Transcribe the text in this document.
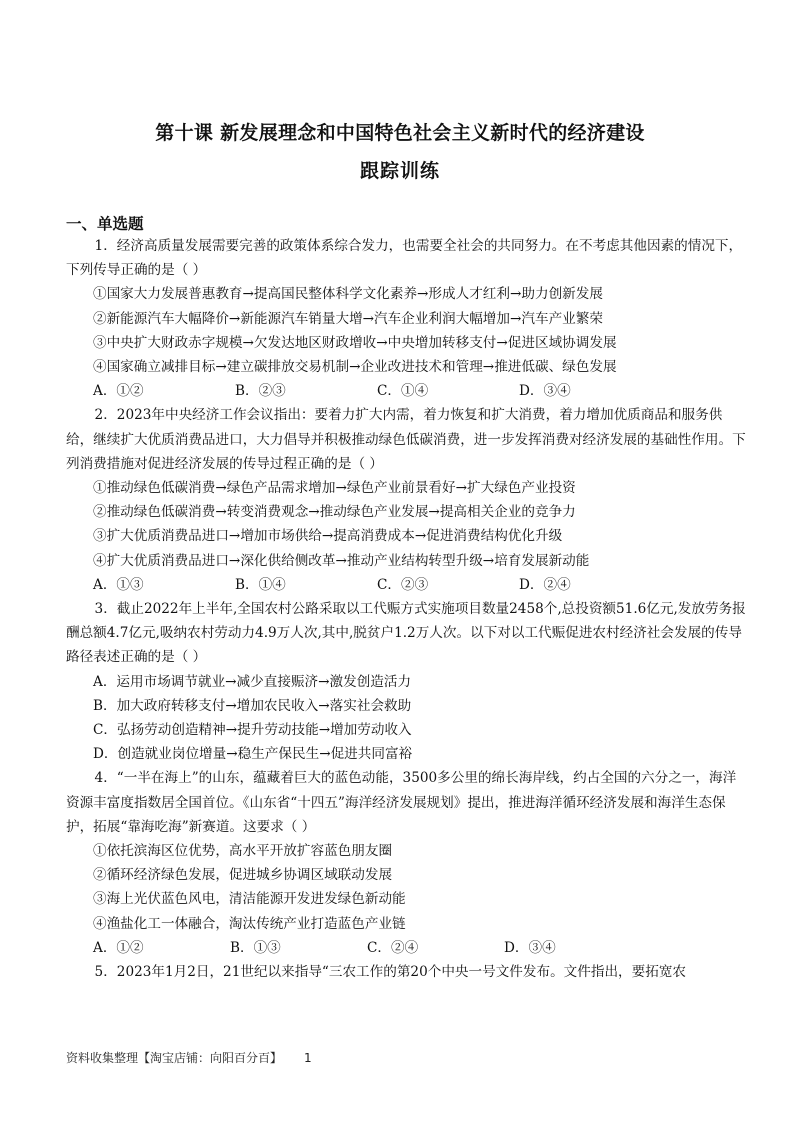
第十课 新发展理念和中国特色社会主义新时代的经济建设
跟踪训练
一、单选题

1．经济高质量发展需要完善的政策体系综合发力，也需要全社会的共同努力。在不考虑其他因素的情况下，下列传导正确的是（ ）

①国家大力发展普惠教育→提高国民整体科学文化素养→形成人才红利→助力创新发展

②新能源汽车大幅降价→新能源汽车销量大增→汽车企业利润大幅增加→汽车产业繁荣

③中央扩大财政赤字规模→欠发达地区财政增收→中央增加转移支付→促进区域协调发展

④国家确立减排目标→建立碳排放交易机制→企业改进技术和管理→推进低碳、绿色发展

A．①②	B．②③	C．①④	D．③④

2．2023年中央经济工作会议指出：要着力扩大内需，着力恢复和扩大消费，着力增加优质商品和服务供给，继续扩大优质消费品进口，大力倡导并积极推动绿色低碳消费，进一步发挥消费对经济发展的基础性作用。下列消费措施对促进经济发展的传导过程正确的是（ ）

①推动绿色低碳消费→绿色产品需求增加→绿色产业前景看好→扩大绿色产业投资

②推动绿色低碳消费→转变消费观念→推动绿色产业发展→提高相关企业的竞争力

③扩大优质消费品进口→增加市场供给→提高消费成本→促进消费结构优化升级

④扩大优质消费品进口→深化供给侧改革→推动产业结构转型升级→培育发展新动能

A．①③	B．①④	C．②③	D．②④

3．截止2022年上半年,全国农村公路采取以工代赈方式实施项目数量2458个,总投资额51.6亿元,发放劳务报酬总额4.7亿元,吸纳农村劳动力4.9万人次,其中,脱贫户1.2万人次。以下对以工代赈促进农村经济社会发展的传导路径表述正确的是（ ）

A．运用市场调节就业→减少直接赈济→激发创造活力

B．加大政府转移支付→增加农民收入→落实社会救助

C．弘扬劳动创造精神→提升劳动技能→增加劳动收入

D．创造就业岗位增量→稳生产保民生→促进共同富裕

4．“一半在海上”的山东，蕴藏着巨大的蓝色动能，3500多公里的绵长海岸线，约占全国的六分之一，海洋资源丰富度指数居全国首位。《山东省“十四五”海洋经济发展规划》提出，推进海洋循环经济发展和海洋生态保护，拓展“靠海吃海”新赛道。这要求（ ）

①依托滨海区位优势，高水平开放扩容蓝色朋友圈

②循环经济绿色发展，促进城乡协调区域联动发展

③海上光伏蓝色风电，清洁能源开发进发绿色新动能

④渔盐化工一体融合，淘汰传统产业打造蓝色产业链

A．①②	B．①③	C．②④	D．③④

5．2023年1月2日，21世纪以来指导“三农工作的第20个中央一号文件发布。文件指出，要拓宽农

资料收集整理【淘宝店铺：向阳百分百】 1
